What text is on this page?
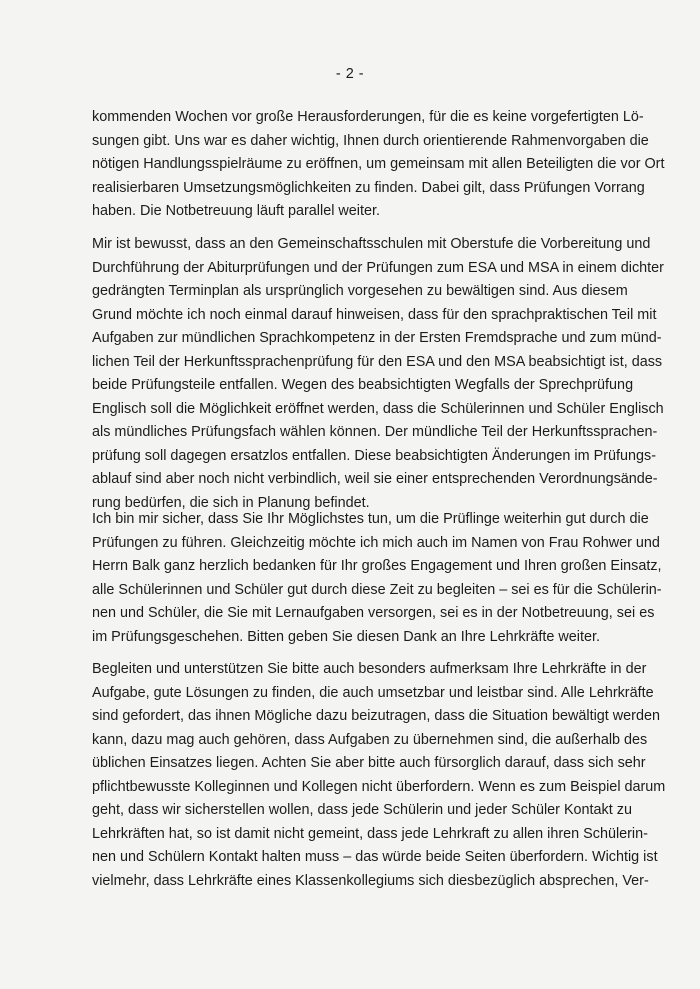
- 2 -
kommenden Wochen vor große Herausforderungen, für die es keine vorgefertigten Lö-
sungen gibt. Uns war es daher wichtig, Ihnen durch orientierende Rahmenvorgaben die
nötigen Handlungsspielräume zu eröffnen, um gemeinsam mit allen Beteiligten die vor Ort
realisierbaren Umsetzungsmöglichkeiten zu finden. Dabei gilt, dass Prüfungen Vorrang
haben. Die Notbetreuung läuft parallel weiter.
Mir ist bewusst, dass an den Gemeinschaftsschulen mit Oberstufe die Vorbereitung und
Durchführung der Abiturprüfungen und der Prüfungen zum ESA und MSA in einem dichter
gedrängten Terminplan als ursprünglich vorgesehen zu bewältigen sind. Aus diesem
Grund möchte ich noch einmal darauf hinweisen, dass für den sprachpraktischen Teil mit
Aufgaben zur mündlichen Sprachkompetenz in der Ersten Fremdsprache und zum münd-
lichen Teil der Herkunftssprachenprüfung für den ESA und den MSA beabsichtigt ist, dass
beide Prüfungsteile entfallen. Wegen des beabsichtigten Wegfalls der Sprechprüfung
Englisch soll die Möglichkeit eröffnet werden, dass die Schülerinnen und Schüler Englisch
als mündliches Prüfungsfach wählen können. Der mündliche Teil der Herkunftssprachen-
prüfung soll dagegen ersatzlos entfallen. Diese beabsichtigten Änderungen im Prüfungs-
ablauf sind aber noch nicht verbindlich, weil sie einer entsprechenden Verordnungsände-
rung bedürfen, die sich in Planung befindet.
Ich bin mir sicher, dass Sie Ihr Möglichstes tun, um die Prüflinge weiterhin gut durch die
Prüfungen zu führen. Gleichzeitig möchte ich mich auch im Namen von Frau Rohwer und
Herrn Balk ganz herzlich bedanken für Ihr großes Engagement und Ihren großen Einsatz,
alle Schülerinnen und Schüler gut durch diese Zeit zu begleiten – sei es für die Schülerin-
nen und Schüler, die Sie mit Lernaufgaben versorgen, sei es in der Notbetreuung, sei es
im Prüfungsgeschehen. Bitten geben Sie diesen Dank an Ihre Lehrkräfte weiter.
Begleiten und unterstützen Sie bitte auch besonders aufmerksam Ihre Lehrkräfte in der
Aufgabe, gute Lösungen zu finden, die auch umsetzbar und leistbar sind. Alle Lehrkräfte
sind gefordert, das ihnen Mögliche dazu beizutragen, dass die Situation bewältigt werden
kann, dazu mag auch gehören, dass Aufgaben zu übernehmen sind, die außerhalb des
üblichen Einsatzes liegen. Achten Sie aber bitte auch fürsorglich darauf, dass sich sehr
pflichtbewusste Kolleginnen und Kollegen nicht überfordern. Wenn es zum Beispiel darum
geht, dass wir sicherstellen wollen, dass jede Schülerin und jeder Schüler Kontakt zu
Lehrkräften hat, so ist damit nicht gemeint, dass jede Lehrkraft zu allen ihren Schülerin-
nen und Schülern Kontakt halten muss – das würde beide Seiten überfordern. Wichtig ist
vielmehr, dass Lehrkräfte eines Klassenkollegiums sich diesbezüglich absprechen, Ver-
